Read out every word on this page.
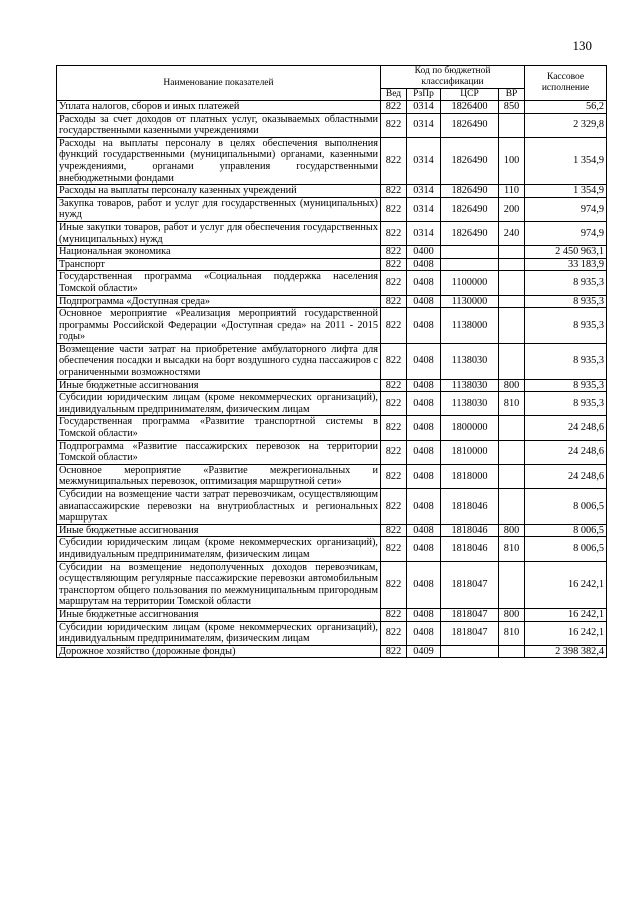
130
Наименование показателей	Код по бюджетной классификации				Кассовое исполнение
	Вед	РзПр	ЦСР	ВР	
Уплата налогов, сборов и иных платежей	822	0314	1826400	850	56,2
Расходы за счет доходов от платных услуг, оказываемых областными государственными казенными учреждениями	822	0314	1826490		2 329,8
Расходы на выплаты персоналу в целях обеспечения выполнения функций государственными (муниципальными) органами, казенными учреждениями, органами управления государственными внебюджетными фондами	822	0314	1826490	100	1 354,9
Расходы на выплаты персоналу казенных учреждений	822	0314	1826490	110	1 354,9
Закупка товаров, работ и услуг для государственных (муниципальных) нужд	822	0314	1826490	200	974,9
Иные закупки товаров, работ и услуг для обеспечения государственных (муниципальных) нужд	822	0314	1826490	240	974,9
Национальная экономика	822	0400			2 450 963,1
Транспорт	822	0408			33 183,9
Государственная программа «Социальная поддержка населения Томской области»	822	0408	1100000		8 935,3
Подпрограмма «Доступная среда»	822	0408	1130000		8 935,3
Основное мероприятие «Реализация мероприятий государственной программы Российской Федерации «Доступная среда» на 2011 - 2015 годы»	822	0408	1138000		8 935,3
Возмещение части затрат на приобретение амбулаторного лифта для обеспечения посадки и высадки на борт воздушного судна пассажиров с ограниченными возможностями	822	0408	1138030		8 935,3
Иные бюджетные ассигнования	822	0408	1138030	800	8 935,3
Субсидии юридическим лицам (кроме некоммерческих организаций), индивидуальным предпринимателям, физическим лицам	822	0408	1138030	810	8 935,3
Государственная программа «Развитие транспортной системы в Томской области»	822	0408	1800000		24 248,6
Подпрограмма «Развитие пассажирских перевозок на территории Томской области»	822	0408	1810000		24 248,6
Основное мероприятие «Развитие межрегиональных и межмуниципальных перевозок, оптимизация маршрутной сети»	822	0408	1818000		24 248,6
Субсидии на возмещение части затрат перевозчикам, осуществляющим авиапассажирские перевозки на внутриобластных и региональных маршрутах	822	0408	1818046		8 006,5
Иные бюджетные ассигнования	822	0408	1818046	800	8 006,5
Субсидии юридическим лицам (кроме некоммерческих организаций), индивидуальным предпринимателям, физическим лицам	822	0408	1818046	810	8 006,5
Субсидии на возмещение недополученных доходов перевозчикам, осуществляющим регулярные пассажирские перевозки автомобильным транспортом общего пользования по межмуниципальным пригородным маршрутам на территории Томской области	822	0408	1818047		16 242,1
Иные бюджетные ассигнования	822	0408	1818047	800	16 242,1
Субсидии юридическим лицам (кроме некоммерческих организаций), индивидуальным предпринимателям, физическим лицам	822	0408	1818047	810	16 242,1
Дорожное хозяйство (дорожные фонды)	822	0409			2 398 382,4
